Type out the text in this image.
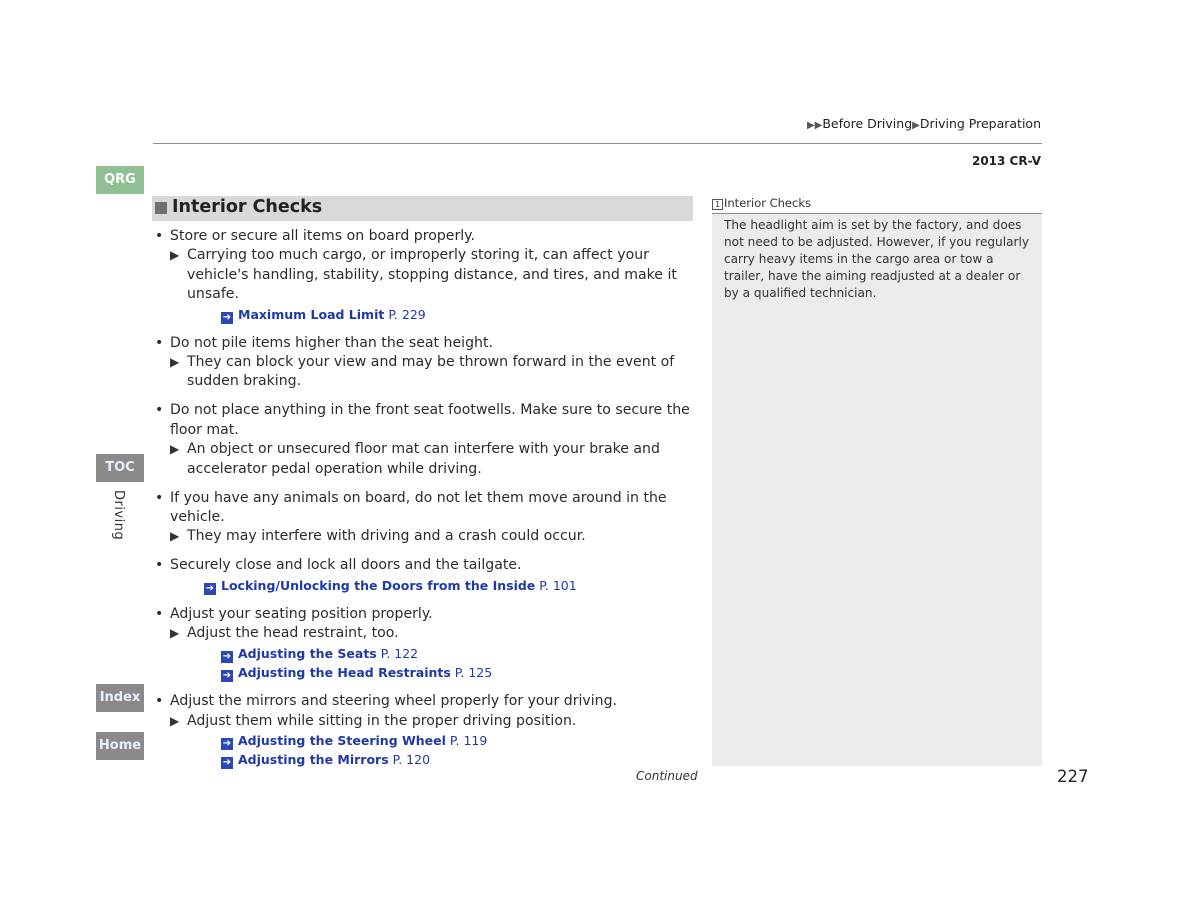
▶▶Before Driving▶Driving Preparation
2013 CR-V
QRG
TOC
Driving
Index
Home
Interior Checks
• Store or secure all items on board properly.
▶ Carrying too much cargo, or improperly storing it, can affect your vehicle's handling, stability, stopping distance, and tires, and make it unsafe.
➔ Maximum Load Limit P. 229
• Do not pile items higher than the seat height.
▶ They can block your view and may be thrown forward in the event of sudden braking.
• Do not place anything in the front seat footwells. Make sure to secure the floor mat.
▶ An object or unsecured floor mat can interfere with your brake and accelerator pedal operation while driving.
• If you have any animals on board, do not let them move around in the vehicle.
▶ They may interfere with driving and a crash could occur.
• Securely close and lock all doors and the tailgate.
➔ Locking/Unlocking the Doors from the Inside P. 101
• Adjust your seating position properly.
▶ Adjust the head restraint, too.
➔ Adjusting the Seats P. 122
➔ Adjusting the Head Restraints P. 125
• Adjust the mirrors and steering wheel properly for your driving.
▶ Adjust them while sitting in the proper driving position.
➔ Adjusting the Steering Wheel P. 119
➔ Adjusting the Mirrors P. 120
1 Interior Checks
The headlight aim is set by the factory, and does not need to be adjusted. However, if you regularly carry heavy items in the cargo area or tow a trailer, have the aiming readjusted at a dealer or by a qualified technician.
Continued	227
